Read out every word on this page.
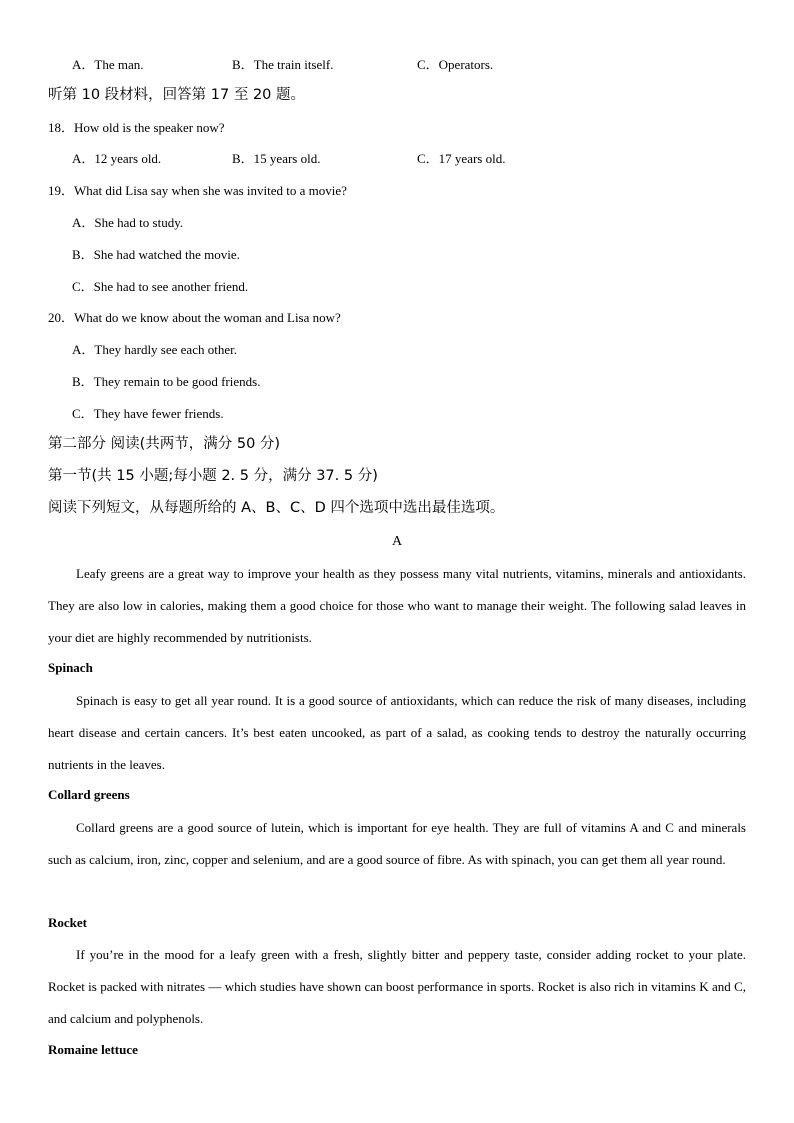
A．The man.	B．The train itself.	C．Operators.
听第 10 段材料，回答第 17 至 20 题。
18．How old is the speaker now?
A．12 years old.	B．15 years old.	C．17 years old.
19．What did Lisa say when she was invited to a movie?
A．She had to study.
B．She had watched the movie.
C．She had to see another friend.
20．What do we know about the woman and Lisa now?
A．They hardly see each other.
B．They remain to be good friends.
C．They have fewer friends.
第二部分 阅读(共两节，满分 50 分)
第一节(共 15 小题;每小题 2. 5 分，满分 37. 5 分)
阅读下列短文，从每题所给的 A、B、C、D 四个选项中选出最佳选项。
A

Leafy greens are a great way to improve your health as they possess many vital nutrients, vitamins, minerals and antioxidants. They are also low in calories, making them a good choice for those who want to manage their weight. The following salad leaves in your diet are highly recommended by nutritionists.

Spinach

Spinach is easy to get all year round. It is a good source of antioxidants, which can reduce the risk of many diseases, including heart disease and certain cancers. It’s best eaten uncooked, as part of a salad, as cooking tends to destroy the naturally occurring nutrients in the leaves.

Collard greens

Collard greens are a good source of lutein, which is important for eye health. They are full of vitamins A and C and minerals such as calcium, iron, zinc, copper and selenium, and are a good source of fibre. As with spinach, you can get them all year round.

Rocket

If you’re in the mood for a leafy green with a fresh, slightly bitter and peppery taste, consider adding rocket to your plate. Rocket is packed with nitrates — which studies have shown can boost performance in sports. Rocket is also rich in vitamins K and C, and calcium and polyphenols.

Romaine lettuce
